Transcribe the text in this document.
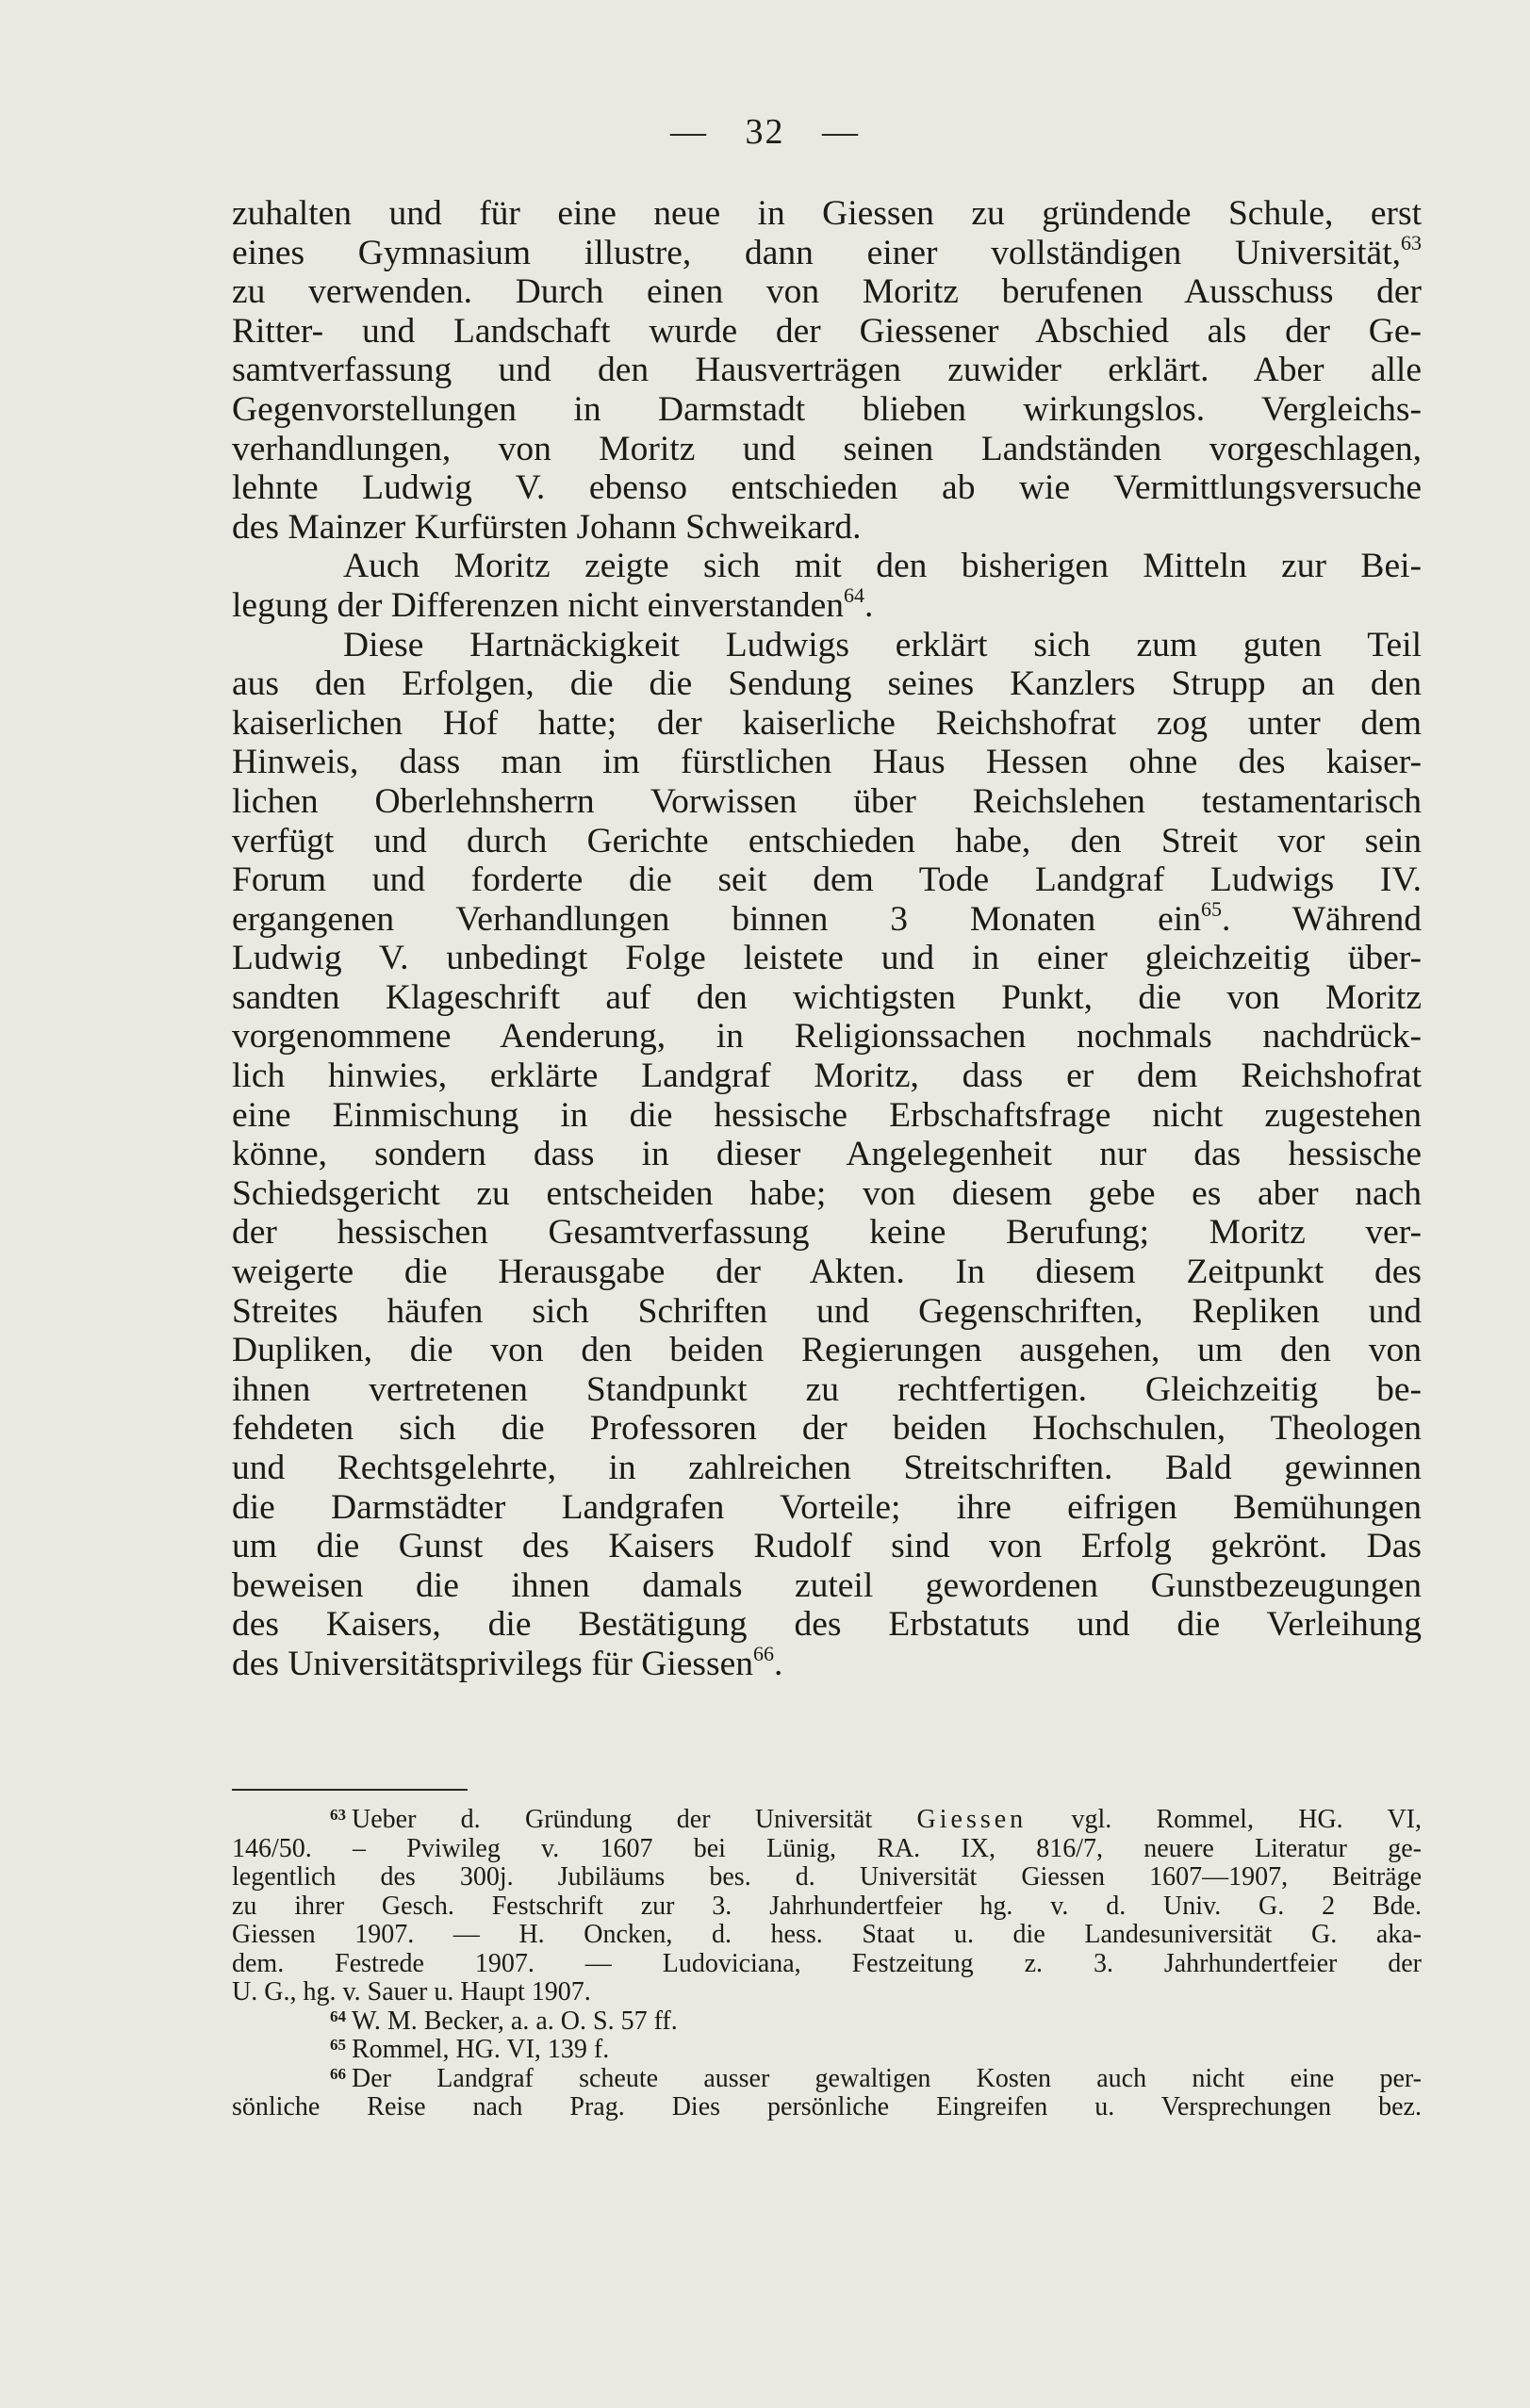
— 32 —
zuhalten und für eine neue in Giessen zu gründende Schule, erst
eines Gymnasium illustre, dann einer vollständigen Universität,$^{63}$
zu verwenden. Durch einen von Moritz berufenen Ausschuss der
Ritter- und Landschaft wurde der Giessener Abschied als der Ge-
samtverfassung und den Hausverträgen zuwider erklärt. Aber alle
Gegenvorstellungen in Darmstadt blieben wirkungslos. Vergleichs-
verhandlungen, von Moritz und seinen Landständen vorgeschlagen,
lehnte Ludwig V. ebenso entschieden ab wie Vermittlungsversuche
des Mainzer Kurfürsten Johann Schweikard.
Auch Moritz zeigte sich mit den bisherigen Mitteln zur Bei-
legung der Differenzen nicht einverstanden$^{64}$.
Diese Hartnäckigkeit Ludwigs erklärt sich zum guten Teil
aus den Erfolgen, die die Sendung seines Kanzlers Strupp an den
kaiserlichen Hof hatte; der kaiserliche Reichshofrat zog unter dem
Hinweis, dass man im fürstlichen Haus Hessen ohne des kaiser-
lichen Oberlehnsherrn Vorwissen über Reichslehen testamentarisch
verfügt und durch Gerichte entschieden habe, den Streit vor sein
Forum und forderte die seit dem Tode Landgraf Ludwigs IV.
ergangenen Verhandlungen binnen 3 Monaten ein$^{65}$. Während
Ludwig V. unbedingt Folge leistete und in einer gleichzeitig über-
sandten Klageschrift auf den wichtigsten Punkt, die von Moritz
vorgenommene Aenderung, in Religionssachen nochmals nachdrück-
lich hinwies, erklärte Landgraf Moritz, dass er dem Reichshofrat
eine Einmischung in die hessische Erbschaftsfrage nicht zugestehen
könne, sondern dass in dieser Angelegenheit nur das hessische
Schiedsgericht zu entscheiden habe; von diesem gebe es aber nach
der hessischen Gesamtverfassung keine Berufung; Moritz ver-
weigerte die Herausgabe der Akten. In diesem Zeitpunkt des
Streites häufen sich Schriften und Gegenschriften, Repliken und
Dupliken, die von den beiden Regierungen ausgehen, um den von
ihnen vertretenen Standpunkt zu rechtfertigen. Gleichzeitig be-
fehdeten sich die Professoren der beiden Hochschulen, Theologen
und Rechtsgelehrte, in zahlreichen Streitschriften. Bald gewinnen
die Darmstädter Landgrafen Vorteile; ihre eifrigen Bemühungen
um die Gunst des Kaisers Rudolf sind von Erfolg gekrönt. Das
beweisen die ihnen damals zuteil gewordenen Gunstbezeugungen
des Kaisers, die Bestätigung des Erbstatuts und die Verleihung
des Universitätsprivilegs für Giessen$^{66}$.
$^{63}$ Ueber d. Gründung der Universität Giessen vgl. Rommel, HG. VI,
146/50. – Pviwileg v. 1607 bei Lünig, RA. IX, 816/7, neuere Literatur ge-
legentlich des 300j. Jubiläums bes. d. Universität Giessen 1607—1907, Beiträge
zu ihrer Gesch. Festschrift zur 3. Jahrhundertfeier hg. v. d. Univ. G. 2 Bde.
Giessen 1907. — H. Oncken, d. hess. Staat u. die Landesuniversität G. aka-
dem. Festrede 1907. — Ludoviciana, Festzeitung z. 3. Jahrhundertfeier der
U. G., hg. v. Sauer u. Haupt 1907.
$^{64}$ W. M. Becker, a. a. O. S. 57 ff.
$^{65}$ Rommel, HG. VI, 139 f.
$^{66}$ Der Landgraf scheute ausser gewaltigen Kosten auch nicht eine per-
sönliche Reise nach Prag. Dies persönliche Eingreifen u. Versprechungen bez.
